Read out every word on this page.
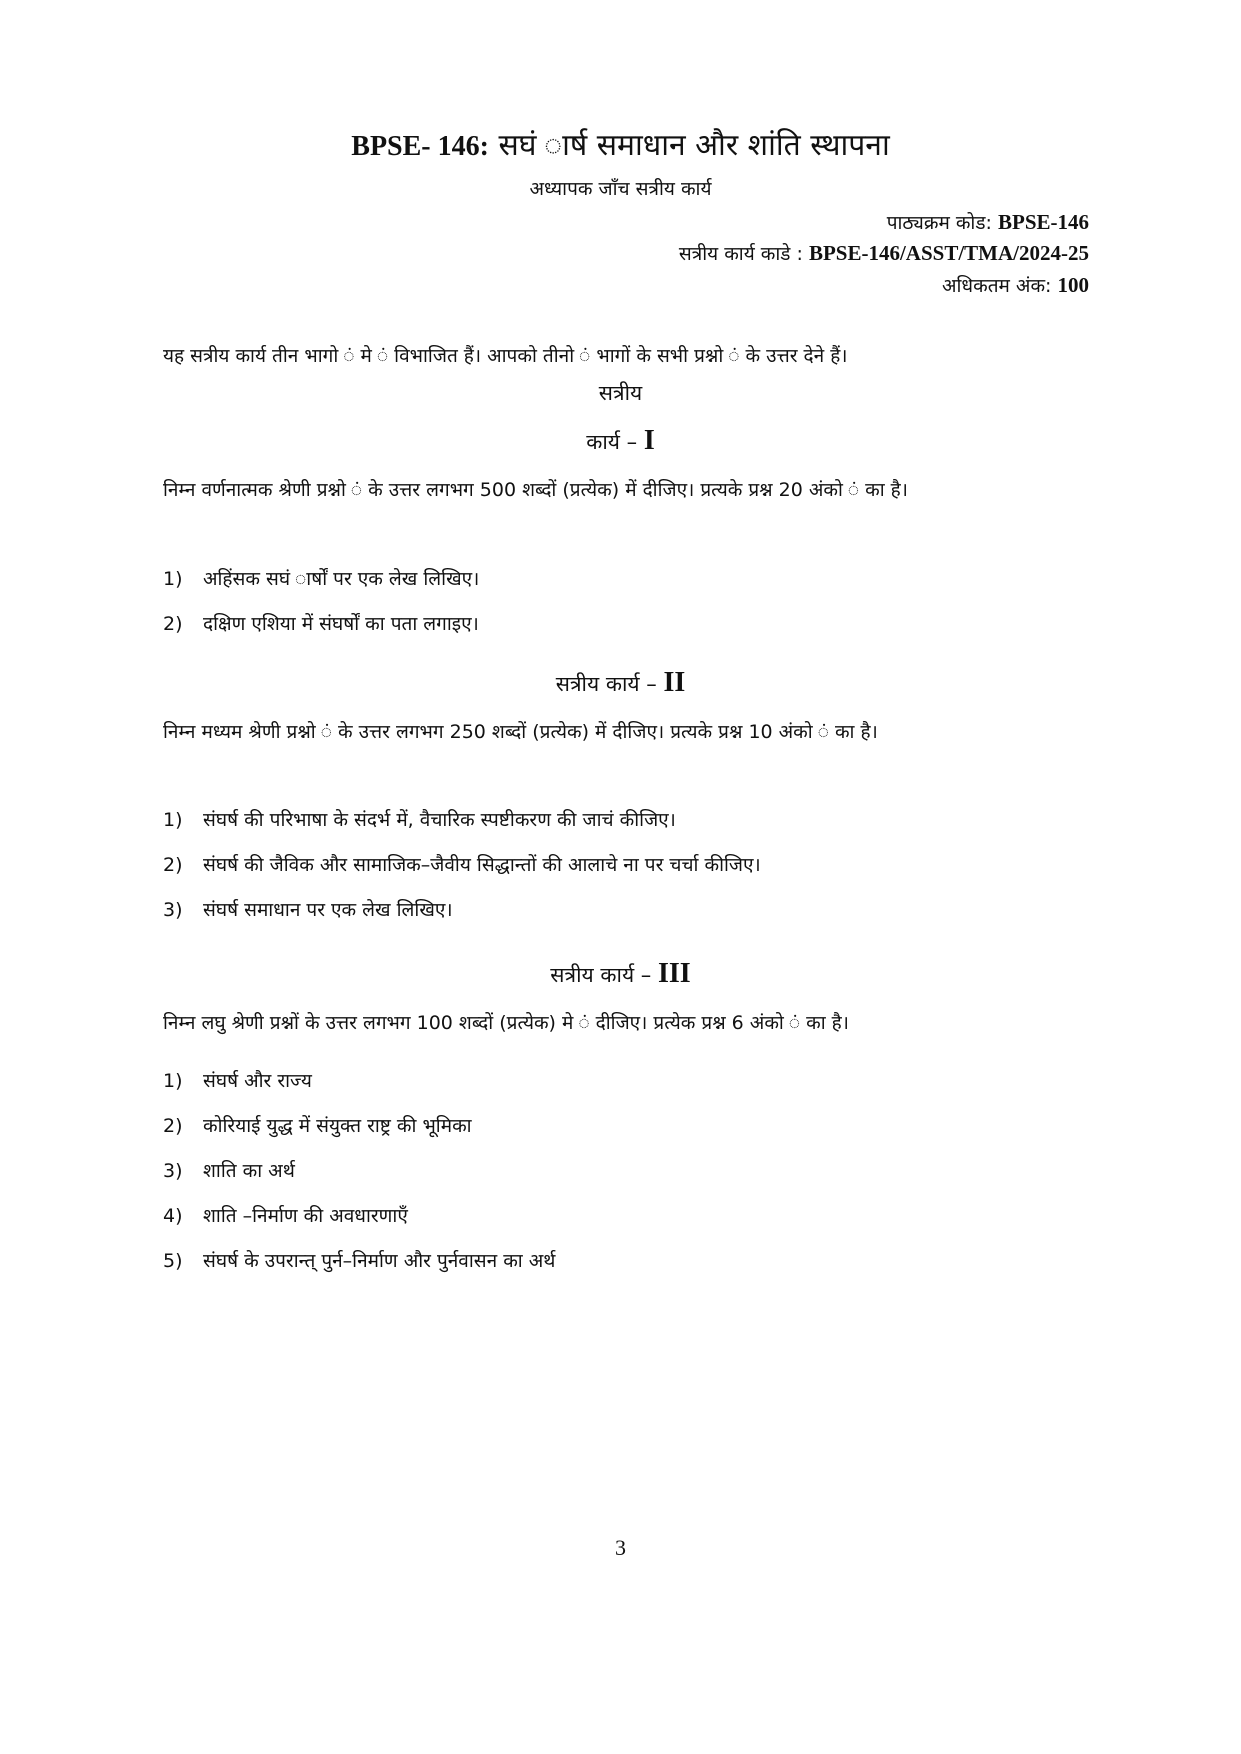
BPSE- 146: सघं ार्ष समाधान और शांति स्थापना
अध्यापक जाँच सत्रीय कार्य
पाठ्यक्रम कोड: BPSE-146
सत्रीय कार्य काडे : BPSE-146/ASST/TMA/2024-25
अधिकतम अंक: 100
यह सत्रीय कार्य तीन भागो ं मे ं विभाजित हैं। आपको तीनो ं भागों के सभी प्रश्नो ं के उत्तर देने हैं।
सत्रीय
कार्य – I
निम्न वर्णनात्मक श्रेणी प्रश्नो ं के उत्तर लगभग 500 शब्दों (प्रत्येक) में दीजिए। प्रत्यके प्रश्न 20 अंको ं का है।
1)	अहिंसक सघं ार्षों पर एक लेख लिखिए।
2)	दक्षिण एशिया में संघर्षों का पता लगाइए।
सत्रीय कार्य – II
निम्न मध्यम श्रेणी प्रश्नो ं के उत्तर लगभग 250 शब्दों (प्रत्येक) में दीजिए। प्रत्यके प्रश्न 10 अंको ं का है।
1)	संघर्ष की परिभाषा के संदर्भ में, वैचारिक स्पष्टीकरण की जाचं कीजिए।
2)	संघर्ष की जैविक और सामाजिक–जैवीय सिद्धान्तों की आलाचे ना पर चर्चा कीजिए।
3)	संघर्ष समाधान पर एक लेख लिखिए।
सत्रीय कार्य – III
निम्न लघु श्रेणी प्रश्नों के उत्तर लगभग 100 शब्दों (प्रत्येक) मे ं दीजिए। प्रत्येक प्रश्न 6 अंको ं का है।
1)	संघर्ष और राज्य
2)	कोरियाई युद्ध में संयुक्त राष्ट्र की भूमिका
3)	शाति का अर्थ
4)	शाति –निर्माण की अवधारणाएँ
5)	संघर्ष के उपरान्त् पुर्न–निर्माण और पुर्नवासन का अर्थ
3
